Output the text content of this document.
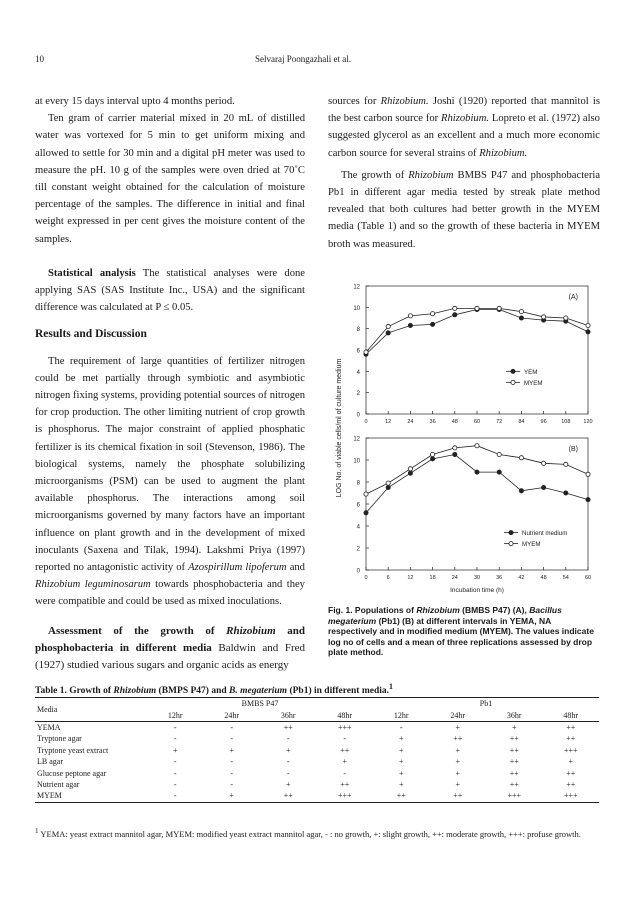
10	Selvaraj Poongazhali et al.

at every 15 days interval upto 4 months period.

Ten gram of carrier material mixed in 20 mL of distilled water was vortexed for 5 min to get uniform mixing and allowed to settle for 30 min and a digital pH meter was used to measure the pH. 10 g of the samples were oven dried at 70˚C till constant weight obtained for the calculation of moisture percentage of the samples. The difference in initial and final weight expressed in per cent gives the moisture content of the samples.

Statistical analysis The statistical analyses were done applying SAS (SAS Institute Inc., USA) and the significant difference was calculated at P ≤ 0.05.

Results and Discussion

The requirement of large quantities of fertilizer nitrogen could be met partially through symbiotic and asymbiotic nitrogen fixing systems, providing potential sources of nitrogen for crop production. The other limiting nutrient of crop growth is phosphorus. The major constraint of applied phosphatic fertilizer is its chemical fixation in soil (Stevenson, 1986). The biological systems, namely the phosphate solubilizing microorganisms (PSM) can be used to augment the plant available phosphorus. The interactions among soil microorganisms governed by many factors have an important influence on plant growth and in the development of mixed inoculants (Saxena and Tilak, 1994). Lakshmi Priya (1997) reported no antagonistic activity of Azospirillum lipoferum and Rhizobium leguminosarum towards phosphobacteria and they were compatible and could be used as mixed inoculations.

Assessment of the growth of Rhizobium and phosphobacteria in different media Baldwin and Fred (1927) studied various sugars and organic acids as energy

sources for Rhizobium. Joshi (1920) reported that mannitol is the best carbon source for Rhizobium. Lopreto et al. (1972) also suggested glycerol as an excellent and a much more economic carbon source for several strains of Rhizobium.

The growth of Rhizobium BMBS P47 and phosphobacteria Pb1 in different agar media tested by streak plate method revealed that both cultures had better growth in the MYEM media (Table 1) and so the growth of these bacteria in MYEM broth was measured.

0
2
4
6
8
10
12
0	12	24	36	48	60	72	84	96	108 120
(A)
YEM
MYEM
0
2
4
6
8
10
12
0	6	12	18	24	30	36	42	48	54	60
(B)
Nutrient medium
MYEM
Incubation time (h)
LOG No. of viable cells/ml of culture medium
Fig. 1. Populations of Rhizobium (BMBS P47) (A), Bacillus megaterium (Pb1) (B) at different intervals in YEMA, NA respectively and in modified medium (MYEM). The values indicate log no of cells and a mean of three replications assessed by drop plate method.
Table 1. Growth of Rhizobium (BMPS P47) and B. megaterium (Pb1) in different media.$^1$
Media	BMBS P47				Pb1			
	12hr	24hr	36hr	48hr	12hr	24hr	36hr	48hr
YEMA	-	-	++	+++	-	+	+	++
Tryptone agar	-	-	-	-	+	++	++	++
Tryptone yeast extract	+	+	+	++	+	+	++	+++
LB agar	-	-	-	+	+	+	++	+
Glucose peptone agar	-	-	-	-	+	+	++	++
Nutrient agar	-	-	+	++	+	+	++	++
MYEM	-	+	++	+++	++	++	+++	+++
$^1$ YEMA: yeast extract mannitol agar, MYEM: modified yeast extract mannitol agar, - : no growth, +: slight growth, ++: moderate growth, +++: profuse growth.
